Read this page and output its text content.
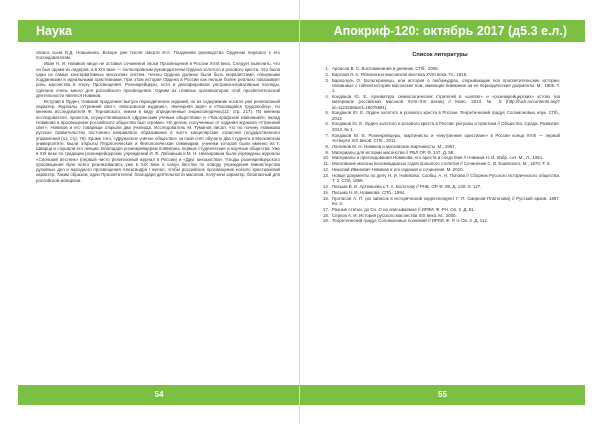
Наука

своего сына В.Д. Новьинина. Вскоре уже после смерти И.А. Позднеева руководство Орденом перешло к его последователям.

Иван Н. И. Новиков нигде не оставил сочинения эпохи Просвещения в России XVIII века. Следует выяснить, что он был одним из лидеров, а в XIX веке — полноправным руководителем Ордена золотого и розового креста. Это была одна из самых консервативных масонских систем. Члены Ордена должны были быть моралистами, покорными подданными и идеальными христианами. При этом история Ордена в России как нельзя более реально показывает роль масонства в эпоху Просвещения. Розенкрейцеры, хотя и декларировали ультраконсервативные взгляды, сделали очень много для российского просвещения. Одним из главных организаторов этой просветительской деятельности являлся Новиков.

Вступив в Орден, Новиков продолжил выпуск периодических изданий, но их содержание носило уже религиозный характер. Журналы «Утренний свет», «Московское издание», «Вечерняя заря» и «Покоящийся трудолюбец», по мнению исследователя Ф. Терновского, никем в виду определенные энциклопедичны(12, стр. 217). По мнению исследователя, проектов, осуществлявшихся «Дружеским учёным обществом» и «Типографской компанией», вклад Новикова в просвещение российского общества был огромен. Не делом, полученные от издания журнала «Утренний свет», Новиков и его товарищи открыли два училища. Исследователь М. Туманов писал, что по почину Новикова русское правительство постоянно направляло образование в чисто канцелярские отраслей государственного управления (12, стр. 76). Кроме того, «Дружеское учёное общество» за свой счёт обучало два студента в Московском университете. Были открыты Педагогическая и Филологическая семинарии, ученики которой были именно из Г. Шварца и слушали его лекции. Благодаря розенкрейцерам появились первые студенческие и научные общества. Уже в XIX веке по традиции розенкрейцерских учреждений И. Ф. Лабзиным и М. Н. Невзоровым были учреждены журналы «Сионский вестник» (первый чисто религиозный журнал в России) и «Друг юношества». Плоды розенкрейцерского просвещения ярче всего реализовались уже в XIX веке в канун бегства по поводу учреждения Министерства духовных дел и народного просвещения Александра I желал, чтобы российское просвещение носило христианский характер. Таким образом, идеи Просветителей, благодаря деятельности масонов, получили характер, безопасный для российской монархии.

54
Апокриф-120: октябрь 2017 (д5.3 е.л.)
55
Список литературы
1. Аронсон В. С. Воспоминания и дневник. СПб., 2005.
2. Барская Л. А. Религиозно-масонская мистика XVIII века. Пг., 1915.
3. Бархолуль О. Вольтерианцы, или история о любомудрах, открывающие все просветительские истории, связанные с тайной истории масонских лож, имеющие внимание на ее периодические документы. М.: 1805. Т. 1.
4. Кондаков Ю. Е. Архиватура семиологических стратегий в «шляпе» и «розенкрейцерских» устоях (на материале российских масонов XVIII–XIX веков) // Кемо. 2013. № 5 (http://fuck.ru/contents.asp?id=1123268&ref=19075891).
5. Кондаков Ю. Е. Орден золотого и розового креста в России. Теоретический градус Соломоновых наук. СПб., 2012
6. Кондаков Ю. Е. Орден золотого и розового креста в России: ритуалы и практики // Общество. Среда. Развитие. 2013. № 1.
7. Кондаков Ю. Е. Розенкрейцеры, мартинисты и «внутренние христиане» в России конца XVIII — первой четверти XIX веков. СПб., 2011.
8. Лонгинов М. Н. Новиков и московские мартинисты. М., 1867.
9. Материалы для истории масонства // РБЛ ОР. Ф. 147. Д. 98.
10. Материалы и преследования Новикова, его ареста и следствия // Новиков Н. И. Избр. соч. М., Л., 1951.
11. Московские масоны восемнадцатых годов прошлого столетия // Сочинения С. В. Ешевского. М., 1870. Т. 3.
12. Николай Иванович Новиков и его издания и сочинения. М. 2010.
13. Новые документы по делу Н. И. Новикова. Сообщ. А. Н. Попова // Сборник Русского исторического общества. Т. 2. СПб, 1868.
14. Письма В. В. Артемьева к Т. А. Болотову // РНБ. ОР. Ф. 89. Д. 130. Л. 127.
15. Письма Н. И. Новикова. СПб., 1994.
16. Протасов А. П. (из записок в исторический корреспондент Г. П. Смирнов-Платонова) // Русский архив. 1897. Кн. 3.
17. Разные статьи, до Сн. О на описываемое // ИРЛИ, Ф. РН. Оп. 2. Д. 81.
18. Серков А. И. История русского масонства XIX века. М., 2000.
19. Теоретический градус Соломоновых познаний // ИРЛИ. Ф. Р. II. Оп. 2. Д. 112.
